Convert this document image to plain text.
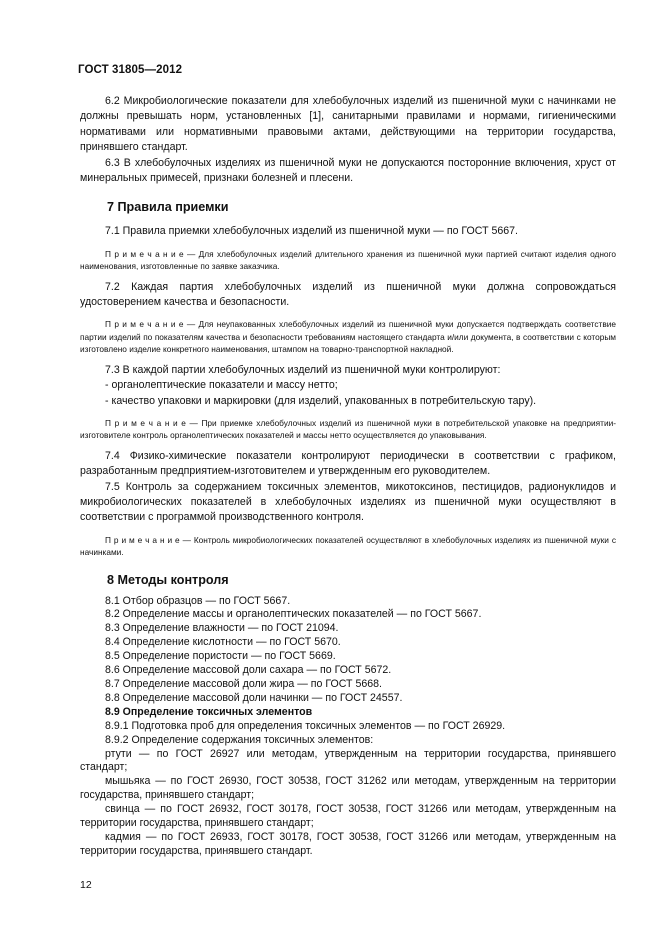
ГОСТ 31805—2012

6.2 Микробиологические показатели для хлебобулочных изделий из пшеничной муки с начинками не должны превышать норм, установленных [1], санитарными правилами и нормами, гигиеническими нормативами или нормативными правовыми актами, действующими на территории государства, принявшего стандарт.

6.3 В хлебобулочных изделиях из пшеничной муки не допускаются посторонние включения, хруст от минеральных примесей, признаки болезней и плесени.

7 Правила приемки

7.1 Правила приемки хлебобулочных изделий из пшеничной муки — по ГОСТ 5667.

П р и м е ч а н и е — Для хлебобулочных изделий длительного хранения из пшеничной муки партией считают изделия одного наименования, изготовленные по заявке заказчика.

7.2 Каждая партия хлебобулочных изделий из пшеничной муки должна сопровождаться удостоверением качества и безопасности.

П р и м е ч а н и е — Для неупакованных хлебобулочных изделий из пшеничной муки допускается подтверждать соответствие партии изделий по показателям качества и безопасности требованиям настоящего стандарта и/или документа, в соответствии с которым изготовлено изделие конкретного наименования, штампом на товарно-транспортной накладной.

7.3 В каждой партии хлебобулочных изделий из пшеничной муки контролируют:

- органолептические показатели и массу нетто;

- качество упаковки и маркировки (для изделий, упакованных в потребительскую тару).

П р и м е ч а н и е — При приемке хлебобулочных изделий из пшеничной муки в потребительской упаковке на предприятии-изготовителе контроль органолептических показателей и массы нетто осуществляется до упаковывания.

7.4 Физико-химические показатели контролируют периодически в соответствии с графиком, разработанным предприятием-изготовителем и утвержденным его руководителем.

7.5 Контроль за содержанием токсичных элементов, микотоксинов, пестицидов, радионуклидов и микробиологических показателей в хлебобулочных изделиях из пшеничной муки осуществляют в соответствии с программой производственного контроля.

П р и м е ч а н и е — Контроль микробиологических показателей осуществляют в хлебобулочных изделиях из пшеничной муки с начинками.

8 Методы контроля

8.1 Отбор образцов — по ГОСТ 5667.

8.2 Определение массы и органолептических показателей — по ГОСТ 5667.

8.3 Определение влажности — по ГОСТ 21094.

8.4 Определение кислотности — по ГОСТ 5670.

8.5 Определение пористости — по ГОСТ 5669.

8.6 Определение массовой доли сахара — по ГОСТ 5672.

8.7 Определение массовой доли жира — по ГОСТ 5668.

8.8 Определение массовой доли начинки — по ГОСТ 24557.

8.9 Определение токсичных элементов

8.9.1 Подготовка проб для определения токсичных элементов — по ГОСТ 26929.

8.9.2 Определение содержания токсичных элементов:

ртути — по ГОСТ 26927 или методам, утвержденным на территории государства, принявшего стандарт;

мышьяка — по ГОСТ 26930, ГОСТ 30538, ГОСТ 31262 или методам, утвержденным на территории государства, принявшего стандарт;

свинца — по ГОСТ 26932, ГОСТ 30178, ГОСТ 30538, ГОСТ 31266 или методам, утвержденным на территории государства, принявшего стандарт;

кадмия — по ГОСТ 26933, ГОСТ 30178, ГОСТ 30538, ГОСТ 31266 или методам, утвержденным на территории государства, принявшего стандарт.

12
